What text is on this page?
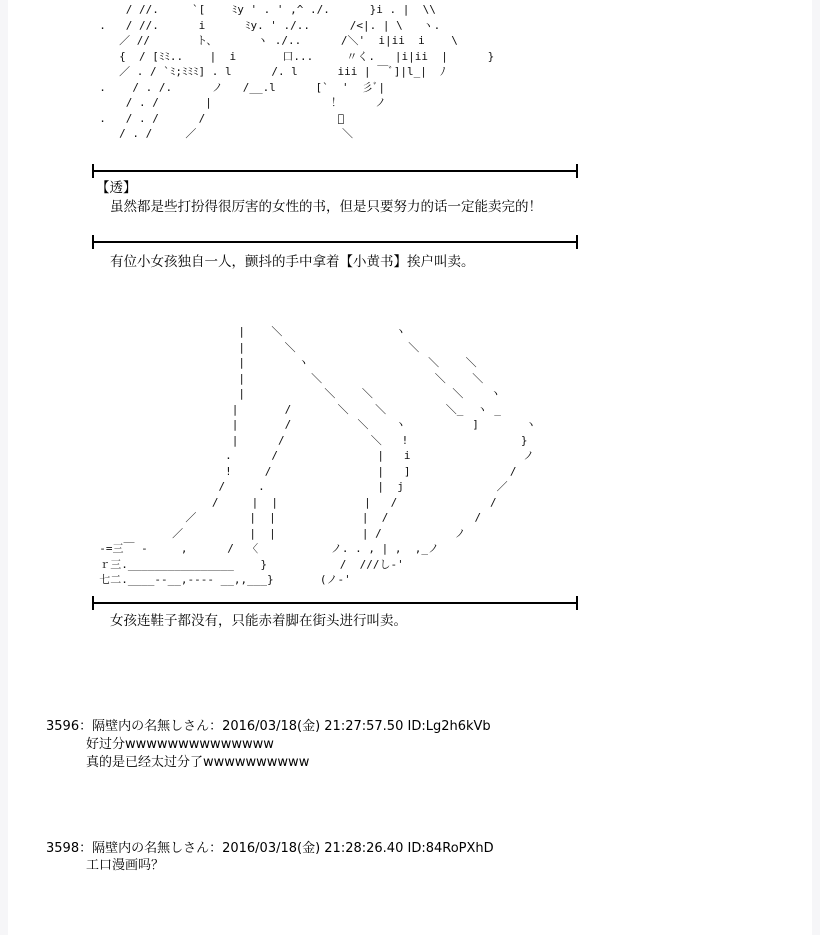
/ //.     `[    ﾐy ' . ' ,^ ./.      }i . |  \\
.   / //.      i      ﾐy. ' ./..      /<|. | \   ヽ.
／ //       ト、      ヽ ./..      /＼'  i|ii  i    \
{  / [ﾐﾐ..    |  i       口...     〃く.   |i|ii  |      }
／ . / `ﾐ;ﾐﾐﾐ] . l      /. l      iii | ￣ﾞ]|l_|  ﾉ
.    / . /.      ノ   /__.l      [`  '  彡ﾞ|
/ . /       |                  ！     ノ
.   / . /      /                    ﾟ
/ . /     ／                      ＼
【透】
虽然都是些打扮得很厉害的女性的书，但是只要努力的话一定能卖完的！
有位小女孩独自一人，颤抖的手中拿着【小黄书】挨户叫卖。
|    ＼                 ヽ
|      ＼                 ＼
|        ヽ                  ＼    ＼
|          ＼                 ＼    ＼
|            ＼    ＼            ＼    ヽ
|       /       ＼    ＼         ＼_  ヽ _
|       /          ＼    ヽ          ]       ヽ
|      /             ＼   !                 }
.      /               |   i                 ノ
!     /                |   ]               /
/     .                 |  j              ／
/     |  |             |   /              /
／        |  |             |  /             /
／          |  |             | /           ノ
‐=三￣ ‐     ,      /  〈           ノ. . , | ,  ,_ノ
ｒ三.________________    }           /  ///し‐'
七二.____--__,---- __,,___}       (ノ‐'
女孩连鞋子都没有，只能赤着脚在街头进行叫卖。
3596：隔壁内の名無しさん：2016/03/18(金) 21:27:57.50 ID:Lg2h6kVb
好过分wwwwwwwwwwwwww
真的是已经太过分了wwwwwwwwww
3598：隔壁内の名無しさん：2016/03/18(金) 21:28:26.40 ID:84RoPXhD
工口漫画吗？
